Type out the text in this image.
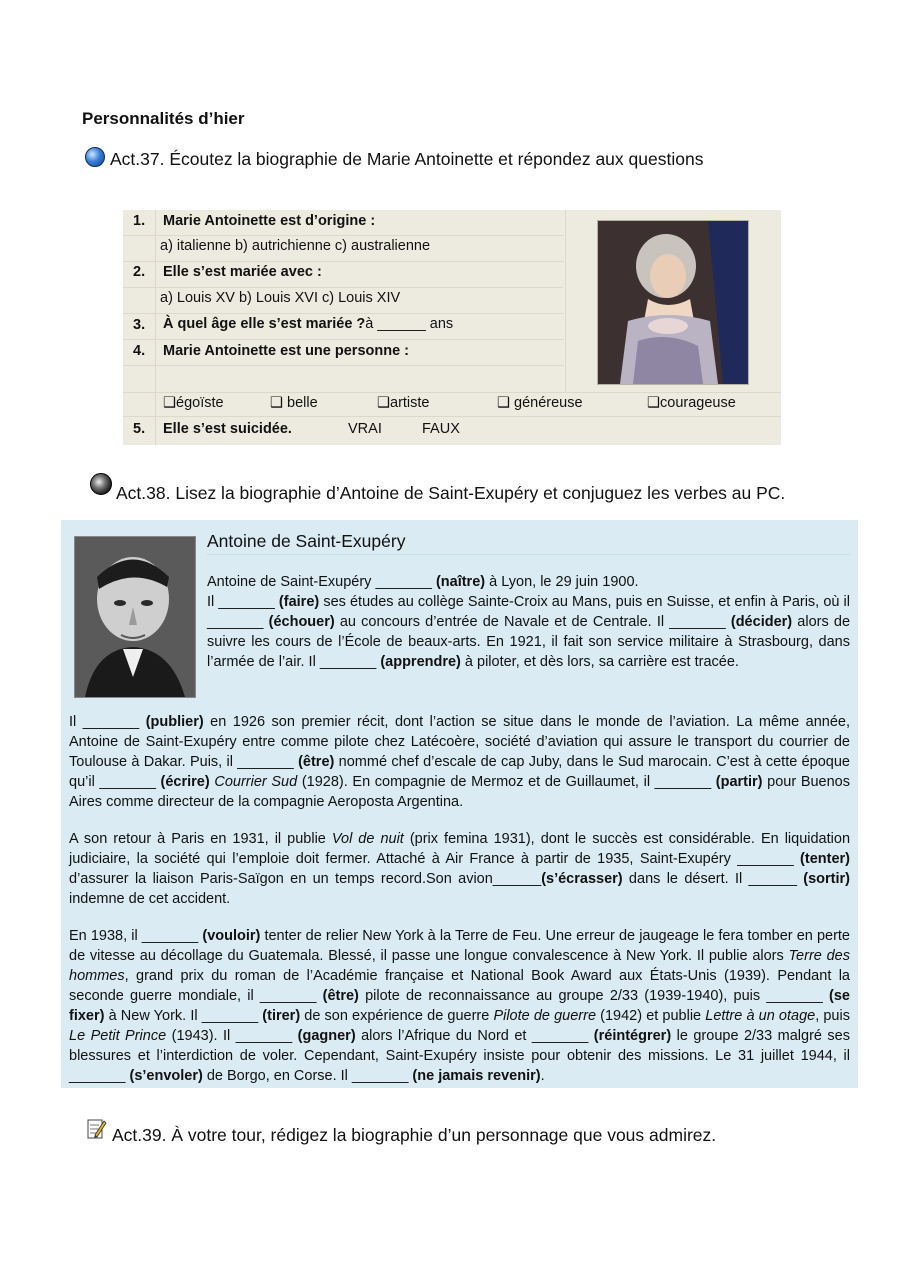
Personnalités d’hier
Act.37. Écoutez la biographie de Marie Antoinette et répondez aux questions
1. Marie Antoinette est d’origine :
a) italienne b) autrichienne c) australienne
2. Elle s’est mariée avec :
a) Louis XV b) Louis XVI c) Louis XIV
3. À quel âge elle s’est mariée ?à ______ ans
4. Marie Antoinette est une personne :
❑égoïste	❑ belle	❑artiste	❑ généreuse	❑courageuse
5. Elle s’est suicidée.	VRAI	FAUX
Act.38. Lisez la biographie d’Antoine de Saint-Exupéry et conjuguez les verbes au PC.
Antoine de Saint-Exupéry
Antoine de Saint-Exupéry _______ (naître) à Lyon, le 29 juin 1900.
Il _______ (faire) ses études au collège Sainte-Croix au Mans, puis en Suisse, et enfin à Paris, où il _______ (échouer) au concours d’entrée de Navale et de Centrale. Il _______ (décider) alors de suivre les cours de l’École de beaux-arts. En 1921, il fait son service militaire à Strasbourg, dans l’armée de l’air. Il _______ (apprendre) à piloter, et dès lors, sa carrière est tracée.
Il _______ (publier) en 1926 son premier récit, dont l’action se situe dans le monde de l’aviation. La même année, Antoine de Saint-Exupéry entre comme pilote chez Latécoère, société d’aviation qui assure le transport du courrier de Toulouse à Dakar. Puis, il _______ (être) nommé chef d’escale de cap Juby, dans le Sud marocain. C’est à cette époque qu’il _______ (écrire) Courrier Sud (1928). En compagnie de Mermoz et de Guillaumet, il _______ (partir) pour Buenos Aires comme directeur de la compagnie Aeroposta Argentina.
A son retour à Paris en 1931, il publie Vol de nuit (prix femina 1931), dont le succès est considérable. En liquidation judiciaire, la société qui l’emploie doit fermer. Attaché à Air France à partir de 1935, Saint-Exupéry _______ (tenter) d’assurer la liaison Paris-Saïgon en un temps record.Son avion______(s’écrasser) dans le désert. Il ______ (sortir) indemne de cet accident.
En 1938, il _______ (vouloir) tenter de relier New York à la Terre de Feu. Une erreur de jaugeage le fera tomber en perte de vitesse au décollage du Guatemala. Blessé, il passe une longue convalescence à New York. Il publie alors Terre des hommes, grand prix du roman de l’Académie française et National Book Award aux États-Unis (1939). Pendant la seconde guerre mondiale, il _______ (être) pilote de reconnaissance au groupe 2/33 (1939-1940), puis _______ (se fixer) à New York. Il _______ (tirer) de son expérience de guerre Pilote de guerre (1942) et publie Lettre à un otage, puis Le Petit Prince (1943). Il _______ (gagner) alors l’Afrique du Nord et _______ (réintégrer) le groupe 2/33 malgré ses blessures et l’interdiction de voler. Cependant, Saint-Exupéry insiste pour obtenir des missions. Le 31 juillet 1944, il _______ (s’envoler) de Borgo, en Corse. Il _______ (ne jamais revenir).
Act.39. À votre tour, rédigez la biographie d’un personnage que vous admirez.
